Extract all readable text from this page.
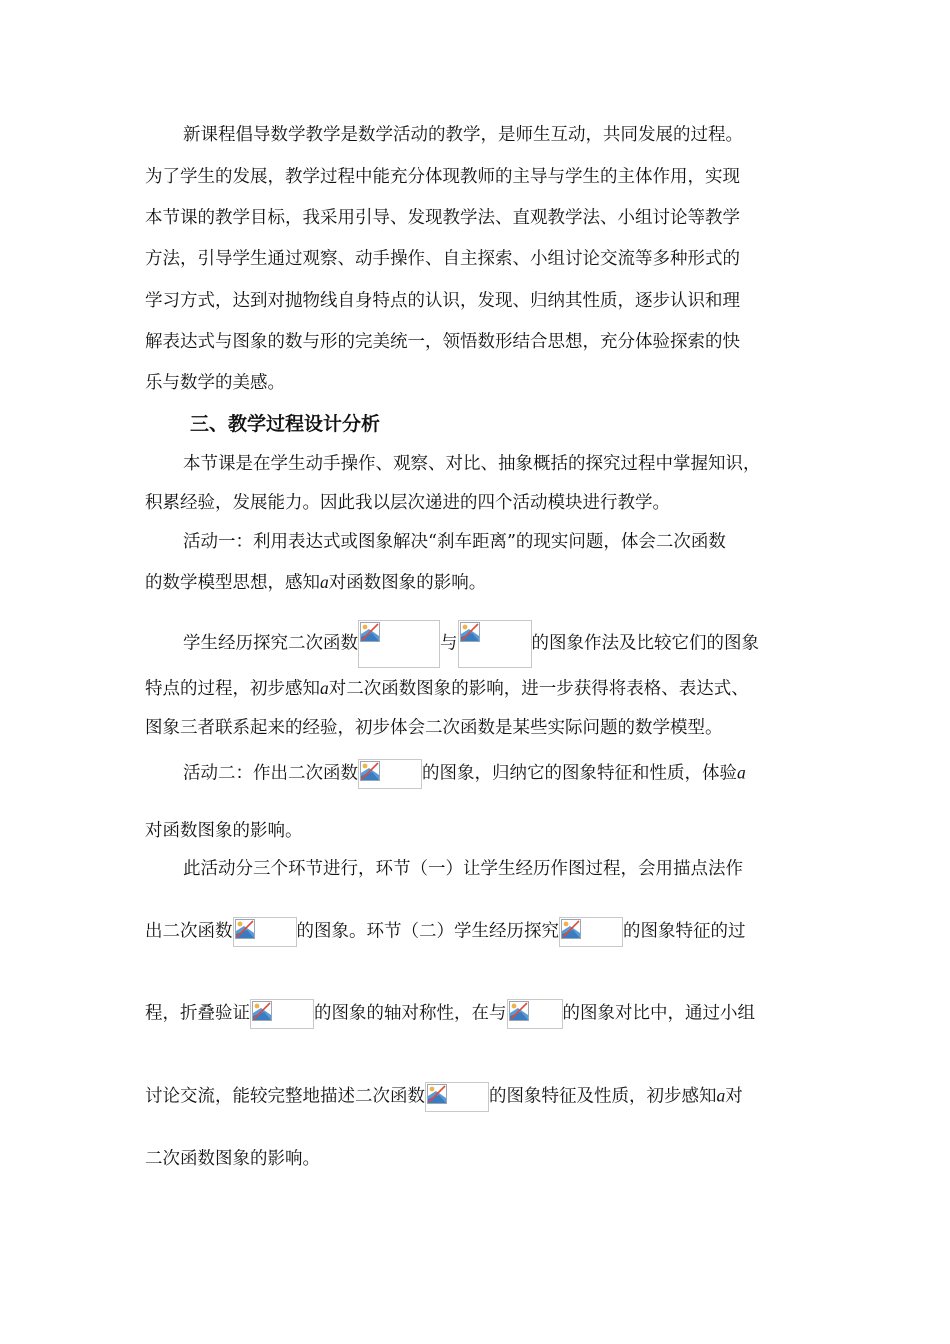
新课程倡导数学教学是数学活动的教学，是师生互动，共同发展的过程。
为了学生的发展，教学过程中能充分体现教师的主导与学生的主体作用，实现
本节课的教学目标，我采用引导、发现教学法、直观教学法、小组讨论等教学
方法，引导学生通过观察、动手操作、自主探索、小组讨论交流等多种形式的
学习方式，达到对抛物线自身特点的认识，发现、归纳其性质，逐步认识和理
解表达式与图象的数与形的完美统一，领悟数形结合思想，充分体验探索的快
乐与数学的美感。
三、教学过程设计分析
本节课是在学生动手操作、观察、对比、抽象概括的探究过程中掌握知识，
积累经验，发展能力。因此我以层次递进的四个活动模块进行教学。
活动一：利用表达式或图象解决“刹车距离”的现实问题，体会二次函数
的数学模型思想，感知a对函数图象的影响。
学生经历探究二次函数	与	的图象作法及比较它们的图象
特点的过程，初步感知a对二次函数图象的影响，进一步获得将表格、表达式、
图象三者联系起来的经验，初步体会二次函数是某些实际问题的数学模型。
活动二：作出二次函数	的图象，归纳它的图象特征和性质，体验a
对函数图象的影响。
此活动分三个环节进行，环节（一）让学生经历作图过程，会用描点法作
出二次函数	的图象。环节（二）学生经历探究	的图象特征的过
程，折叠验证	的图象的轴对称性，在与	的图象对比中，通过小组
讨论交流，能较完整地描述二次函数	的图象特征及性质，初步感知a对
二次函数图象的影响。
